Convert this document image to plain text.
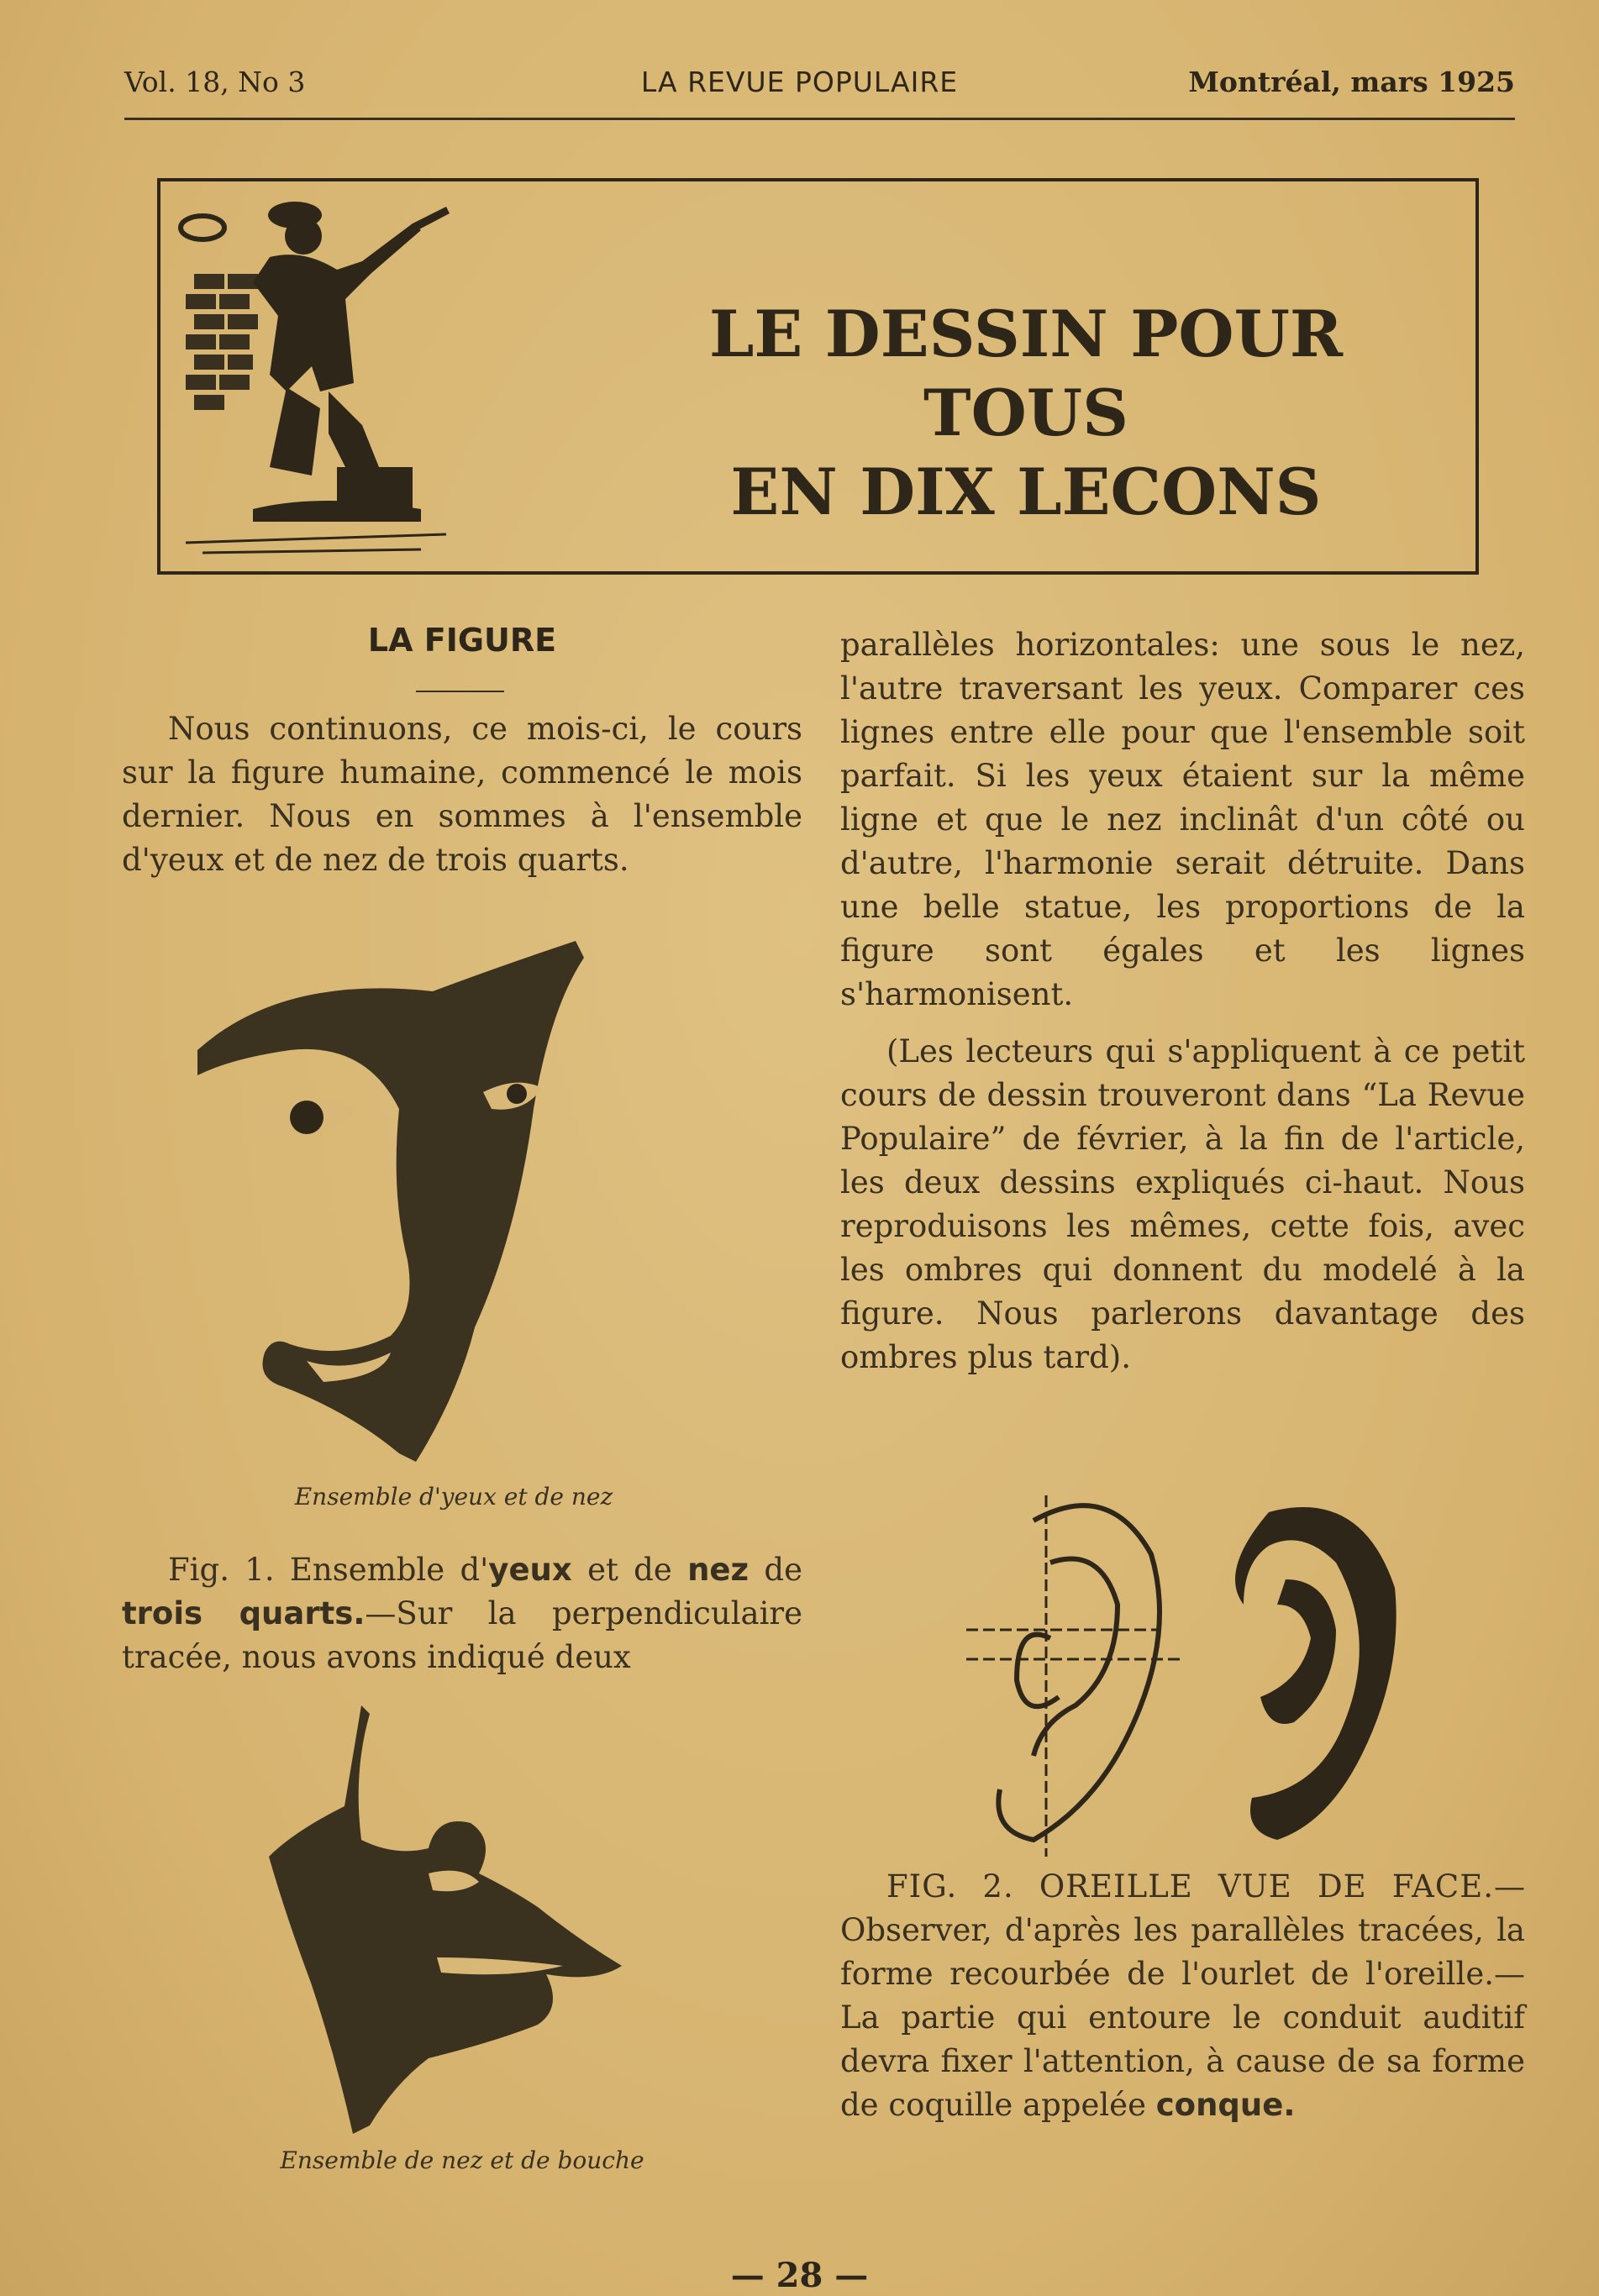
Vol. 18, No 3	LA REVUE POPULAIRE	Montréal, mars 1925
LE DESSIN POUR TOUS
EN DIX LECONS
LA FIGURE

Nous continuons, ce mois-ci, le cours sur la figure humaine, commencé le mois dernier. Nous en sommes à l'ensemble d'yeux et de nez de trois quarts.

Ensemble d'yeux et de nez

Fig. 1. Ensemble d'yeux et de nez de trois quarts.—Sur la perpendiculaire tracée, nous avons indiqué deux

Ensemble de nez et de bouche

parallèles horizontales: une sous le nez, l'autre traversant les yeux. Comparer ces lignes entre elle pour que l'ensemble soit parfait. Si les yeux étaient sur la même ligne et que le nez inclinât d'un côté ou d'autre, l'harmonie serait détruite. Dans une belle statue, les proportions de la figure sont égales et les lignes s'harmonisent.

(Les lecteurs qui s'appliquent à ce petit cours de dessin trouveront dans “La Revue Populaire” de février, à la fin de l'article, les deux dessins expliqués ci-haut. Nous reproduisons les mêmes, cette fois, avec les ombres qui donnent du modelé à la figure. Nous parlerons davantage des ombres plus tard).

FIG. 2. OREILLE VUE DE FACE.—Observer, d'après les parallèles tracées, la forme recourbée de l'ourlet de l'oreille.—La partie qui entoure le conduit auditif devra fixer l'attention, à cause de sa forme de coquille appelée conque.

— 28 —
